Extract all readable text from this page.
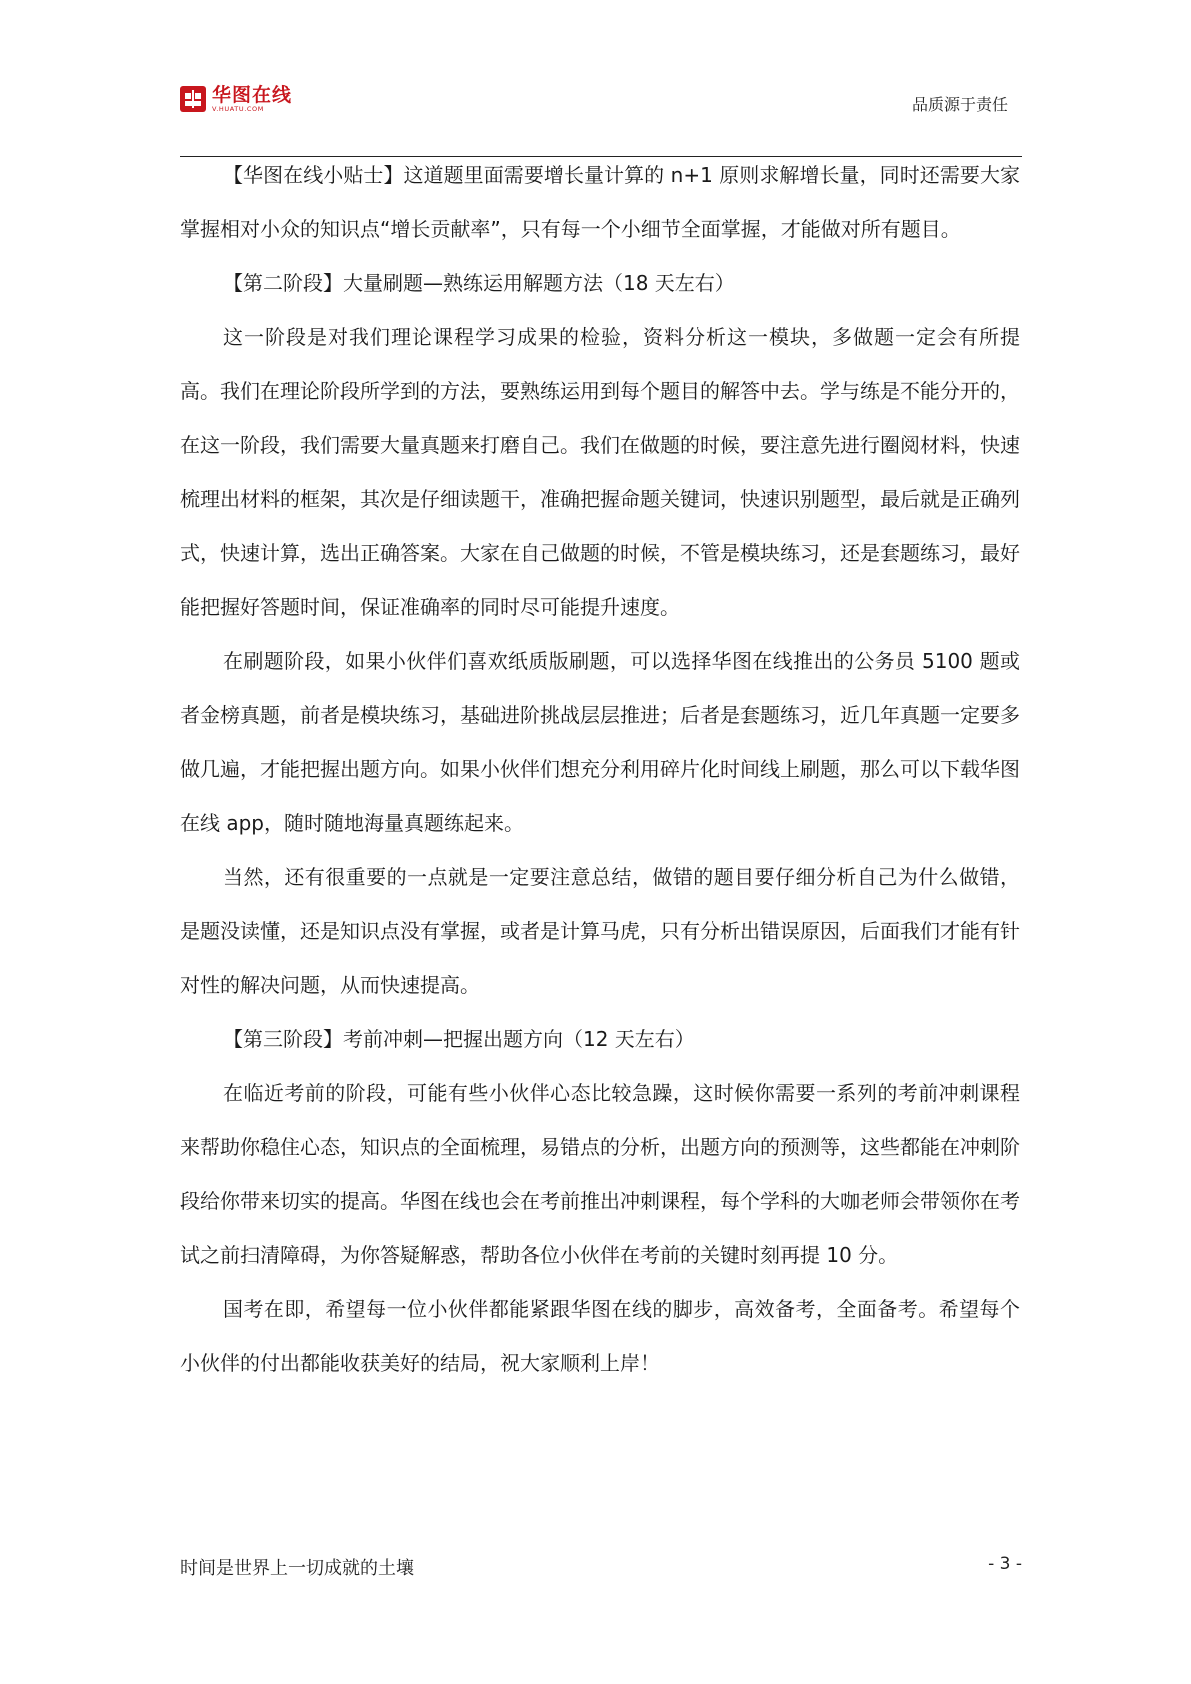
华图在线
V.HUATU.COM	品质源于责任

【华图在线小贴士】这道题里面需要增长量计算的 n+1 原则求解增长量，同时还需要大家掌握相对小众的知识点“增长贡献率”，只有每一个小细节全面掌握，才能做对所有题目。

【第二阶段】大量刷题—熟练运用解题方法（18 天左右）

这一阶段是对我们理论课程学习成果的检验，资料分析这一模块，多做题一定会有所提高。我们在理论阶段所学到的方法，要熟练运用到每个题目的解答中去。学与练是不能分开的，在这一阶段，我们需要大量真题来打磨自己。我们在做题的时候，要注意先进行圈阅材料，快速梳理出材料的框架，其次是仔细读题干，准确把握命题关键词，快速识别题型，最后就是正确列式，快速计算，选出正确答案。大家在自己做题的时候，不管是模块练习，还是套题练习，最好能把握好答题时间，保证准确率的同时尽可能提升速度。

在刷题阶段，如果小伙伴们喜欢纸质版刷题，可以选择华图在线推出的公务员 5100 题或者金榜真题，前者是模块练习，基础进阶挑战层层推进；后者是套题练习，近几年真题一定要多做几遍，才能把握出题方向。如果小伙伴们想充分利用碎片化时间线上刷题，那么可以下载华图在线 app，随时随地海量真题练起来。

当然，还有很重要的一点就是一定要注意总结，做错的题目要仔细分析自己为什么做错，是题没读懂，还是知识点没有掌握，或者是计算马虎，只有分析出错误原因，后面我们才能有针对性的解决问题，从而快速提高。

【第三阶段】考前冲刺—把握出题方向（12 天左右）

在临近考前的阶段，可能有些小伙伴心态比较急躁，这时候你需要一系列的考前冲刺课程来帮助你稳住心态，知识点的全面梳理，易错点的分析，出题方向的预测等，这些都能在冲刺阶段给你带来切实的提高。华图在线也会在考前推出冲刺课程，每个学科的大咖老师会带领你在考试之前扫清障碍，为你答疑解惑，帮助各位小伙伴在考前的关键时刻再提 10 分。

国考在即，希望每一位小伙伴都能紧跟华图在线的脚步，高效备考，全面备考。希望每个小伙伴的付出都能收获美好的结局，祝大家顺利上岸！

时间是世界上一切成就的土壤	- 3 -
